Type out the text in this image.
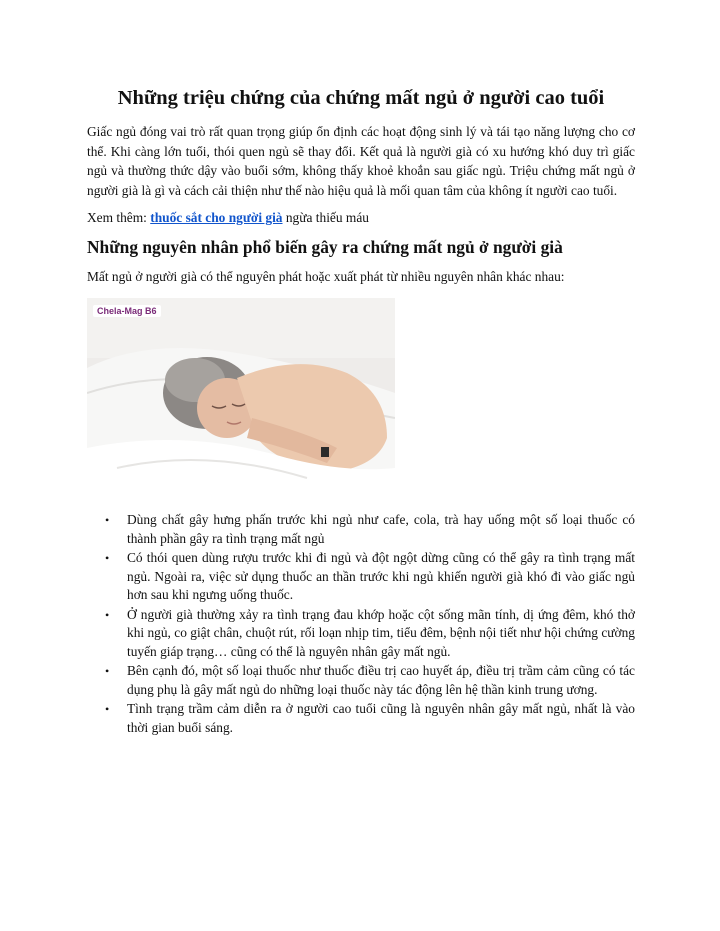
Những triệu chứng của chứng mất ngủ ở người cao tuổi

Giấc ngủ đóng vai trò rất quan trọng giúp ổn định các hoạt động sinh lý và tái tạo năng lượng cho cơ thể. Khi càng lớn tuổi, thói quen ngủ sẽ thay đổi. Kết quả là người già có xu hướng khó duy trì giấc ngủ và thường thức dậy vào buổi sớm, không thấy khoẻ khoắn sau giấc ngủ. Triệu chứng mất ngủ ở người già là gì và cách cải thiện như thế nào hiệu quả là mối quan tâm của không ít người cao tuổi.

Xem thêm: thuốc sắt cho người già ngừa thiếu máu

Những nguyên nhân phổ biến gây ra chứng mất ngủ ở người già

Mất ngủ ở người già có thể nguyên phát hoặc xuất phát từ nhiều nguyên nhân khác nhau:

Chela-Mag B6
• Dùng chất gây hưng phấn trước khi ngủ như cafe, cola, trà hay uống một số loại thuốc có thành phần gây ra tình trạng mất ngủ
• Có thói quen dùng rượu trước khi đi ngủ và đột ngột dừng cũng có thể gây ra tình trạng mất ngủ. Ngoài ra, việc sử dụng thuốc an thần trước khi ngủ khiến người già khó đi vào giấc ngủ hơn sau khi ngưng uống thuốc.
• Ở người già thường xảy ra tình trạng đau khớp hoặc cột sống mãn tính, dị ứng đêm, khó thở khi ngủ, co giật chân, chuột rút, rối loạn nhịp tim, tiểu đêm, bệnh nội tiết như hội chứng cường tuyến giáp trạng… cũng có thể là nguyên nhân gây mất ngủ.
• Bên cạnh đó, một số loại thuốc như thuốc điều trị cao huyết áp, điều trị trầm cảm cũng có tác dụng phụ là gây mất ngủ do những loại thuốc này tác động lên hệ thần kinh trung ương.
• Tình trạng trầm cảm diễn ra ở người cao tuổi cũng là nguyên nhân gây mất ngủ, nhất là vào thời gian buổi sáng.
